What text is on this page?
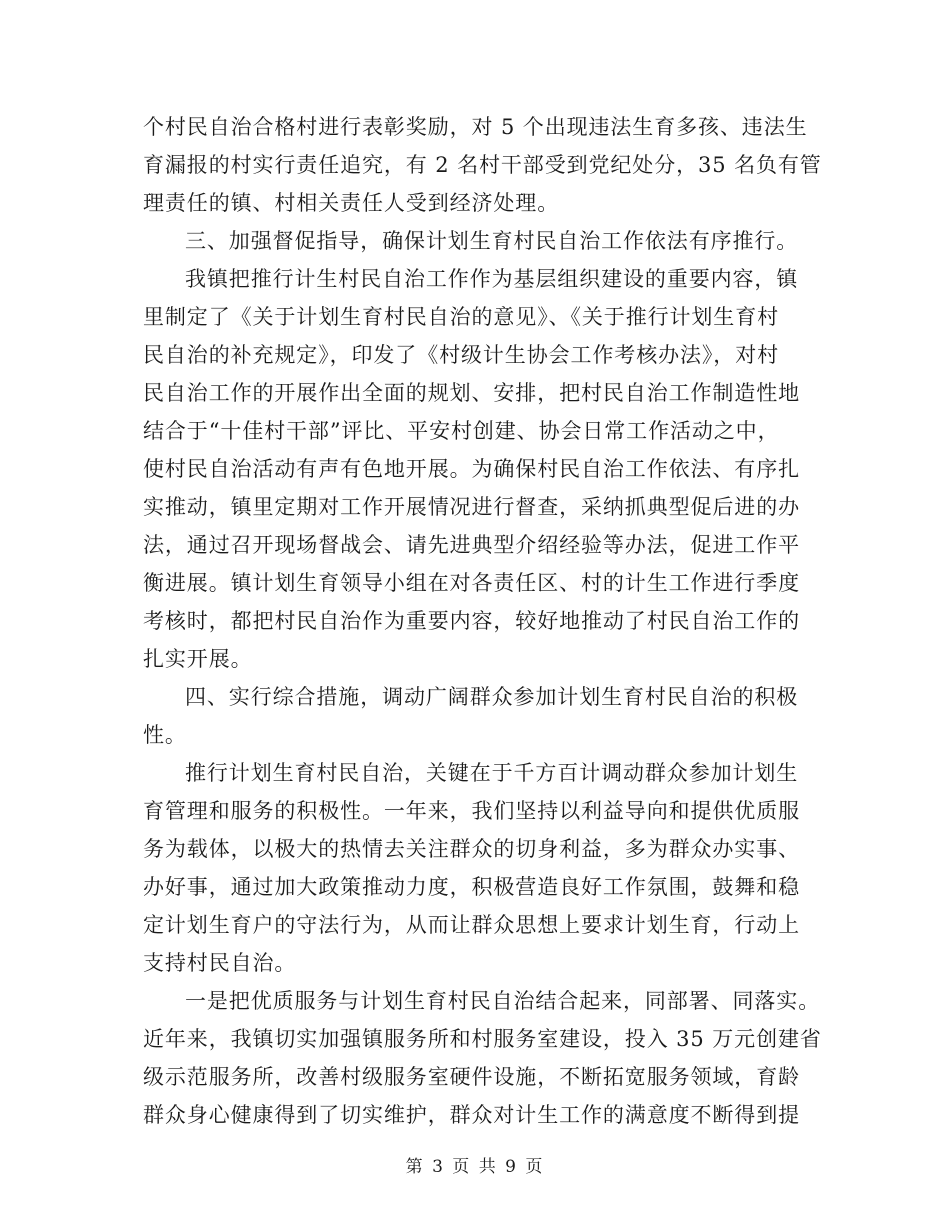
个村民自治合格村进行表彰奖励，对 5 个出现违法生育多孩、违法生
育漏报的村实行责任追究，有 2 名村干部受到党纪处分，35 名负有管
理责任的镇、村相关责任人受到经济处理。
三、加强督促指导，确保计划生育村民自治工作依法有序推行。
我镇把推行计生村民自治工作作为基层组织建设的重要内容，镇
里制定了《关于计划生育村民自治的意见》、《关于推行计划生育村
民自治的补充规定》，印发了《村级计生协会工作考核办法》，对村
民自治工作的开展作出全面的规划、安排，把村民自治工作制造性地
结合于“十佳村干部”评比、平安村创建、协会日常工作活动之中，
使村民自治活动有声有色地开展。为确保村民自治工作依法、有序扎
实推动，镇里定期对工作开展情况进行督查，采纳抓典型促后进的办
法，通过召开现场督战会、请先进典型介绍经验等办法，促进工作平
衡进展。镇计划生育领导小组在对各责任区、村的计生工作进行季度
考核时，都把村民自治作为重要内容，较好地推动了村民自治工作的
扎实开展。
四、实行综合措施，调动广阔群众参加计划生育村民自治的积极
性。
推行计划生育村民自治，关键在于千方百计调动群众参加计划生
育管理和服务的积极性。一年来，我们坚持以利益导向和提供优质服
务为载体，以极大的热情去关注群众的切身利益，多为群众办实事、
办好事，通过加大政策推动力度，积极营造良好工作氛围，鼓舞和稳
定计划生育户的守法行为，从而让群众思想上要求计划生育，行动上
支持村民自治。
一是把优质服务与计划生育村民自治结合起来，同部署、同落实。
近年来，我镇切实加强镇服务所和村服务室建设，投入 35 万元创建省
级示范服务所，改善村级服务室硬件设施，不断拓宽服务领域，育龄
群众身心健康得到了切实维护，群众对计生工作的满意度不断得到提
第 3 页 共 9 页
